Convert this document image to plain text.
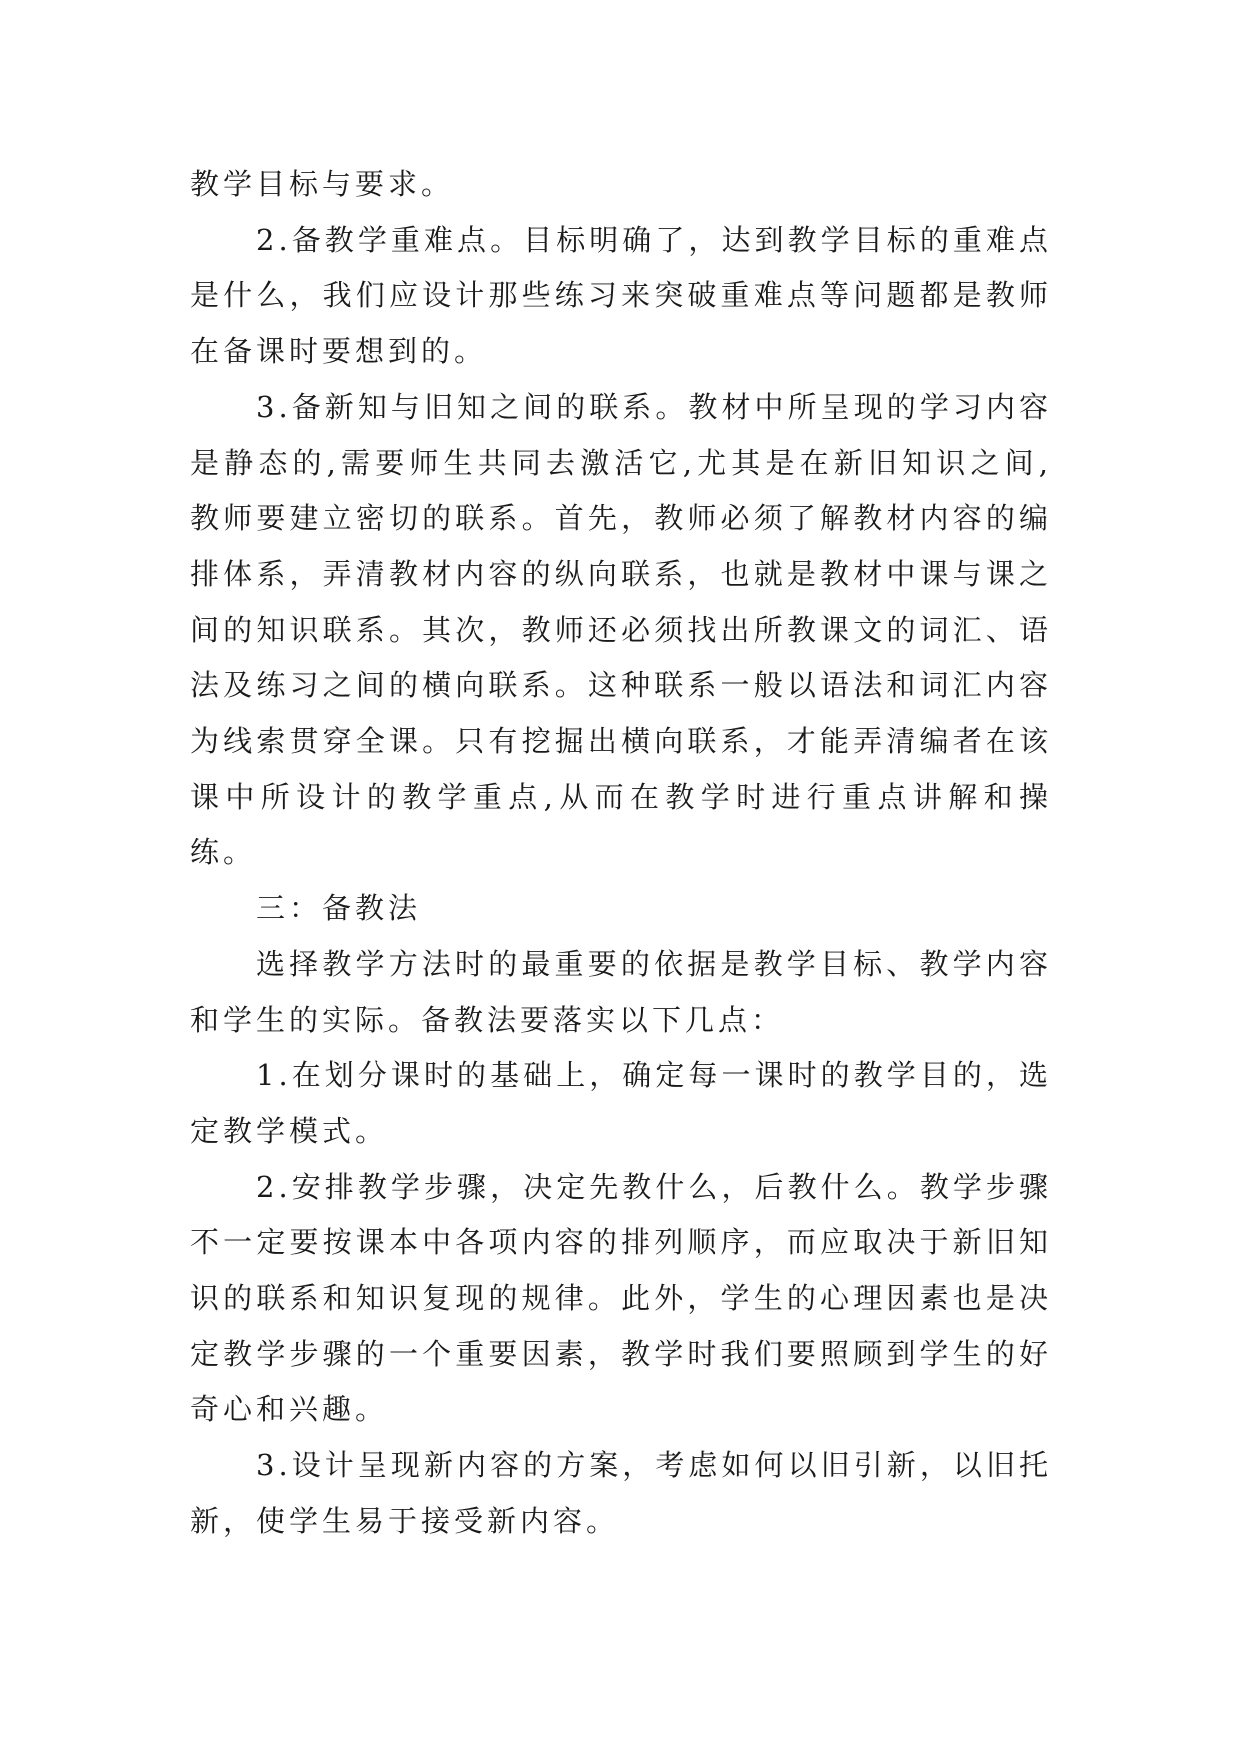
教学目标与要求。

2.备教学重难点。目标明确了，达到教学目标的重难点是什么，我们应设计那些练习来突破重难点等问题都是教师在备课时要想到的。

3.备新知与旧知之间的联系。教材中所呈现的学习内容是静态的,需要师生共同去激活它,尤其是在新旧知识之间,教师要建立密切的联系。首先，教师必须了解教材内容的编排体系，弄清教材内容的纵向联系，也就是教材中课与课之间的知识联系。其次，教师还必须找出所教课文的词汇、语法及练习之间的横向联系。这种联系一般以语法和词汇内容为线索贯穿全课。只有挖掘出横向联系，才能弄清编者在该课中所设计的教学重点,从而在教学时进行重点讲解和操练。

三：备教法

选择教学方法时的最重要的依据是教学目标、教学内容和学生的实际。备教法要落实以下几点：

1.在划分课时的基础上，确定每一课时的教学目的，选定教学模式。

2.安排教学步骤，决定先教什么，后教什么。教学步骤不一定要按课本中各项内容的排列顺序，而应取决于新旧知识的联系和知识复现的规律。此外，学生的心理因素也是决定教学步骤的一个重要因素，教学时我们要照顾到学生的好奇心和兴趣。

3.设计呈现新内容的方案，考虑如何以旧引新，以旧托新，使学生易于接受新内容。
